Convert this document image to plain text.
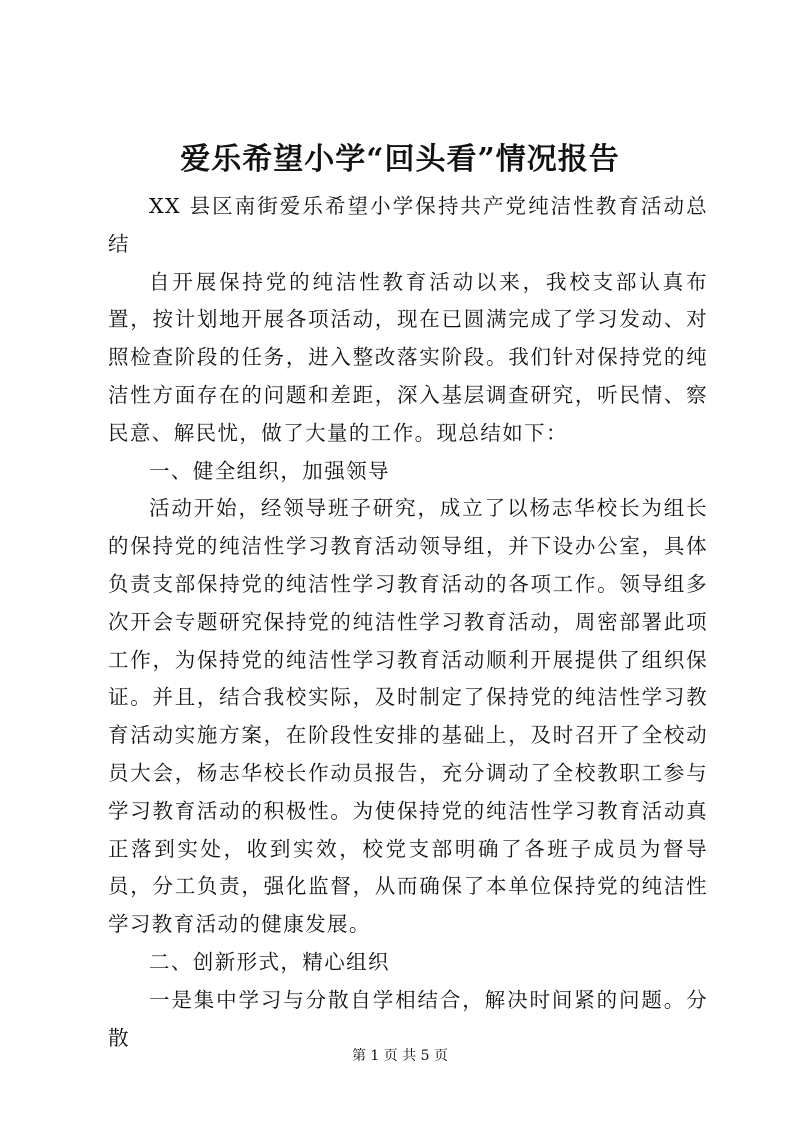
爱乐希望小学“回头看”情况报告

XX 县区南街爱乐希望小学保持共产党纯洁性教育活动总结

自开展保持党的纯洁性教育活动以来，我校支部认真布置，按计划地开展各项活动，现在已圆满完成了学习发动、对照检查阶段的任务，进入整改落实阶段。我们针对保持党的纯洁性方面存在的问题和差距，深入基层调查研究，听民情、察民意、解民忧，做了大量的工作。现总结如下：

一、健全组织，加强领导

活动开始，经领导班子研究，成立了以杨志华校长为组长的保持党的纯洁性学习教育活动领导组，并下设办公室，具体负责支部保持党的纯洁性学习教育活动的各项工作。领导组多次开会专题研究保持党的纯洁性学习教育活动，周密部署此项工作，为保持党的纯洁性学习教育活动顺利开展提供了组织保证。并且，结合我校实际，及时制定了保持党的纯洁性学习教育活动实施方案，在阶段性安排的基础上，及时召开了全校动员大会，杨志华校长作动员报告，充分调动了全校教职工参与学习教育活动的积极性。为使保持党的纯洁性学习教育活动真正落到实处，收到实效，校党支部明确了各班子成员为督导员，分工负责，强化监督，从而确保了本单位保持党的纯洁性学习教育活动的健康发展。

二、创新形式，精心组织

一是集中学习与分散自学相结合，解决时间紧的问题。分散

第 1 页 共 5 页
